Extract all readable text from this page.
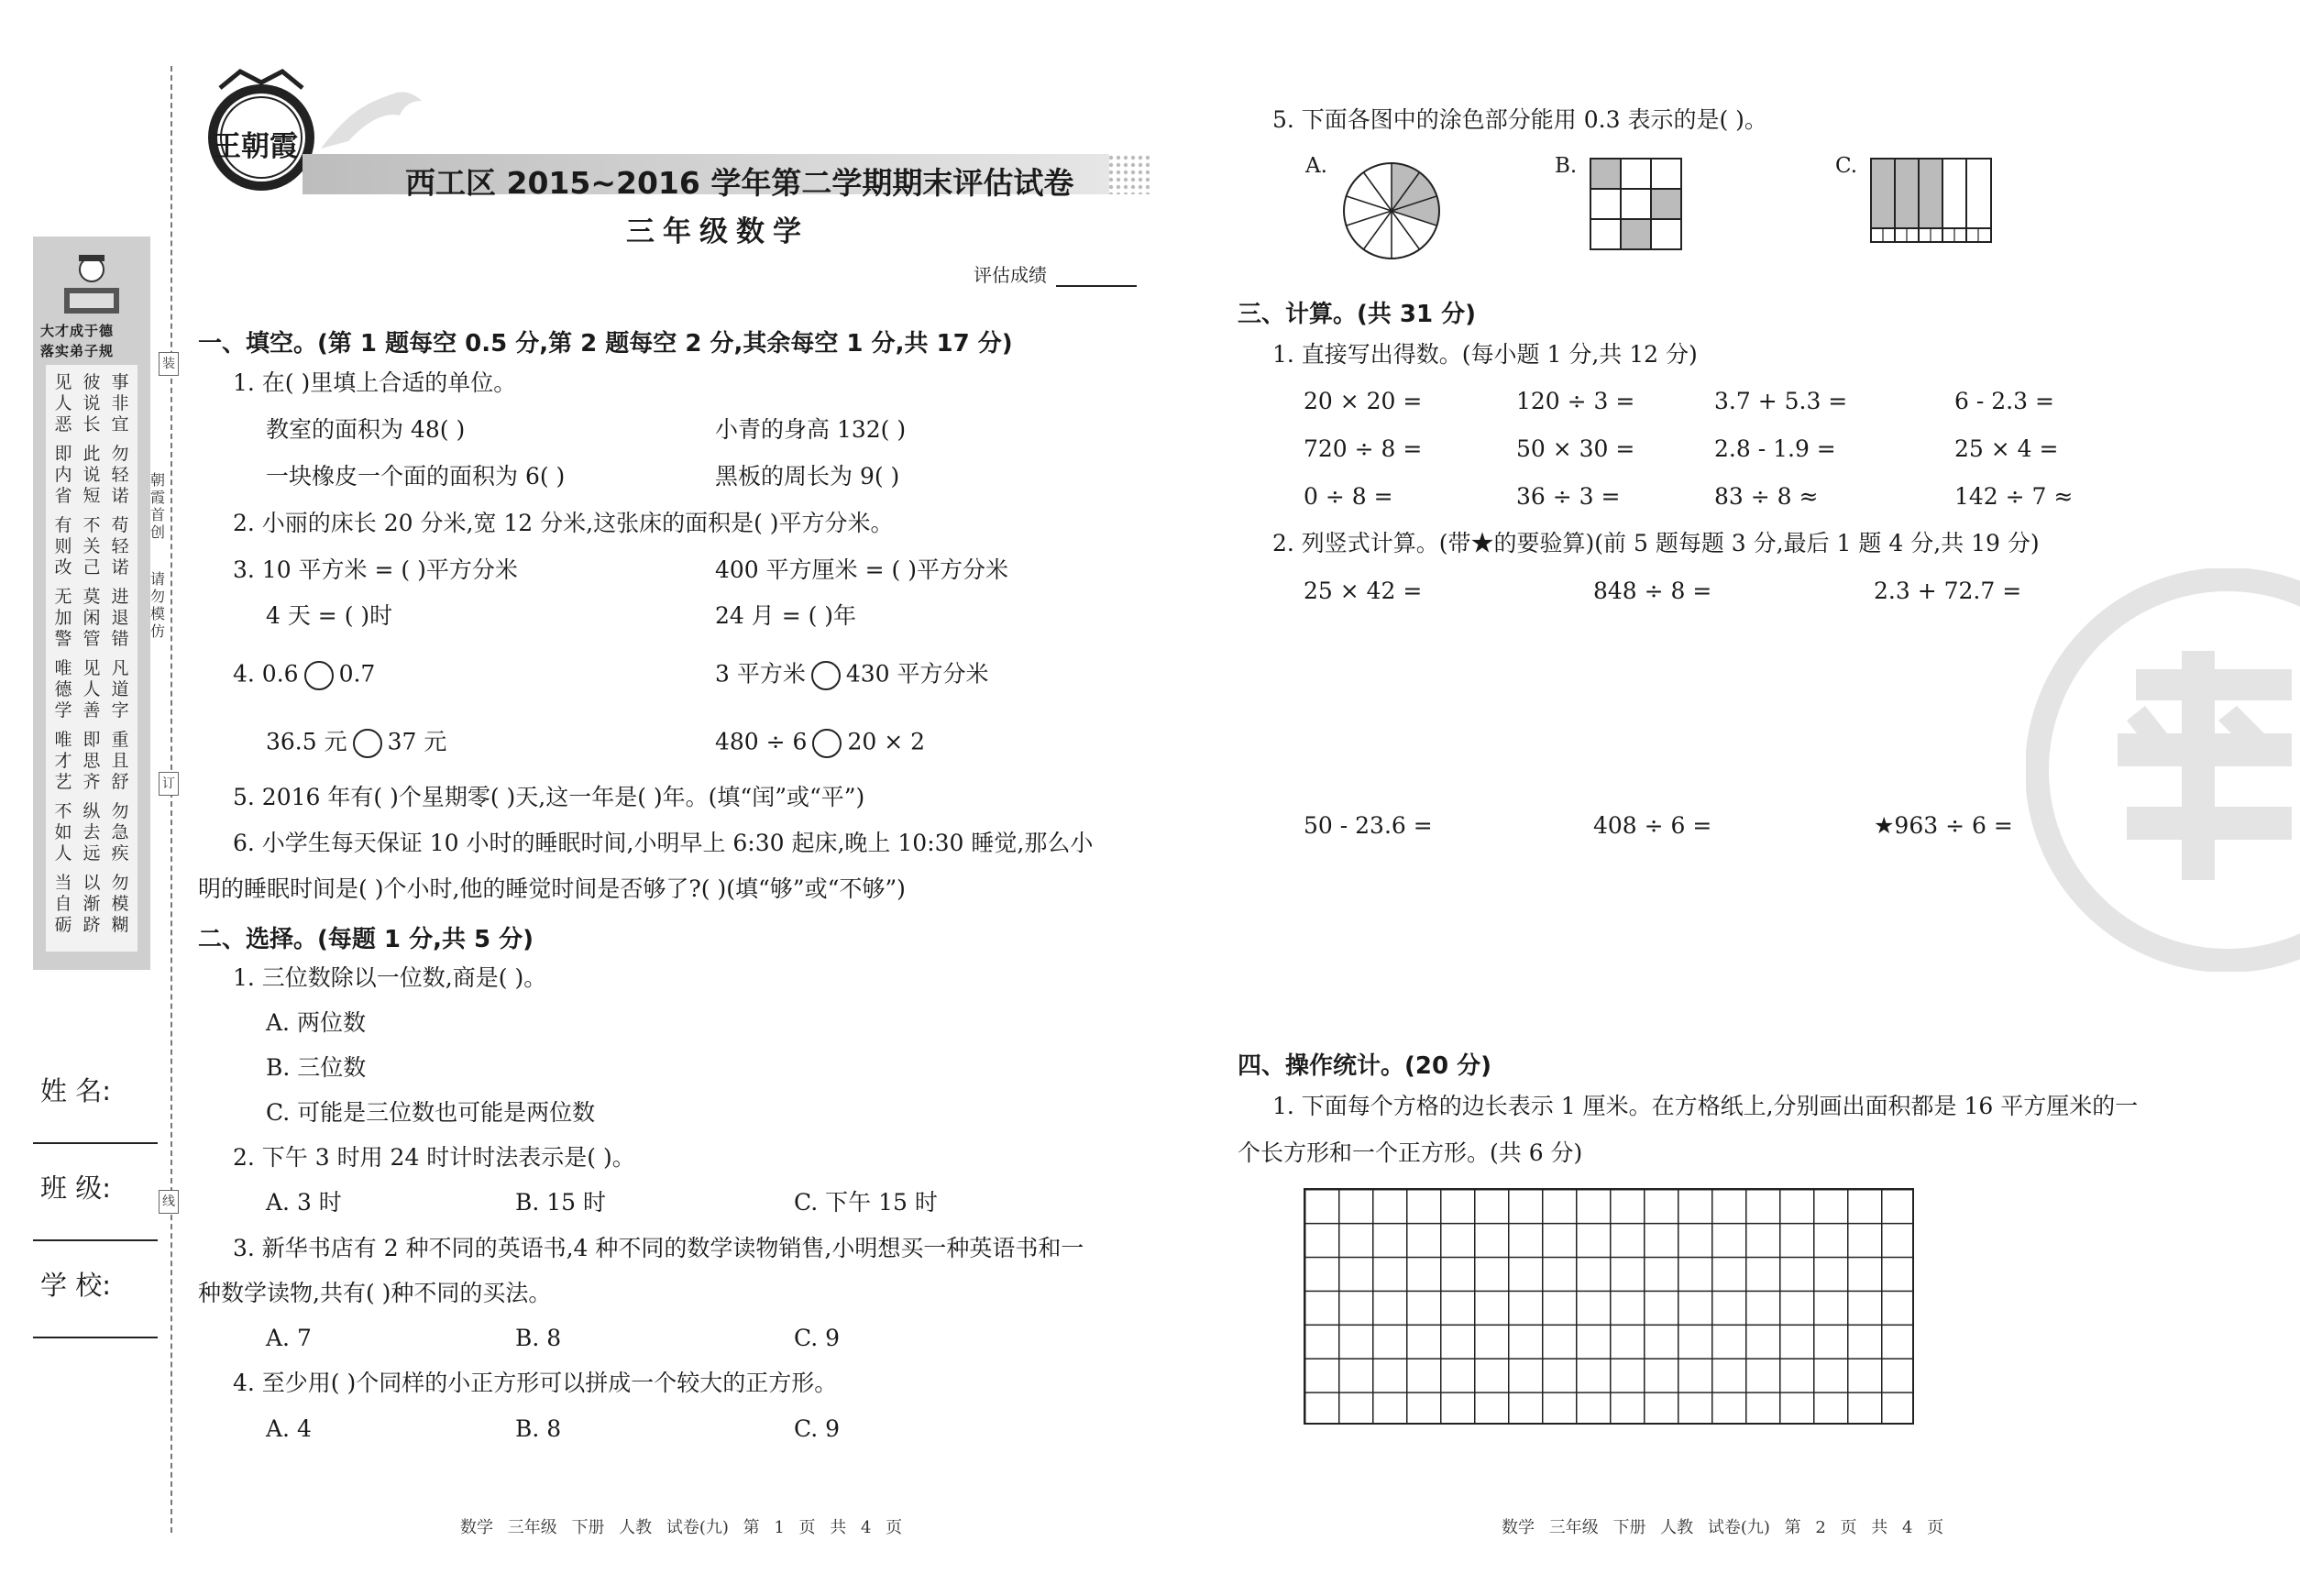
大才成于德
落实弟子规
见人恶
彼说长
事非宜
即内省
此说短
勿轻诺
有则改
不关己
苟轻诺
无加警
莫闲管
进退错
唯德学
见人善
凡道字
唯才艺
即思齐
重且舒
不如人
纵去远
勿急疾
当自砺
以渐跻
勿模糊
装
订
线
朝霞首创
请勿模仿
姓 名:
班 级:
学 校:
王朝霞
西工区 2015~2016 学年第二学期期末评估试卷
三年级数学
评估成绩
一、填空。(第 1 题每空 0.5 分,第 2 题每空 2 分,其余每空 1 分,共 17 分)
1. 在( )里填上合适的单位。
教室的面积为 48( )	小青的身高 132( )
一块橡皮一个面的面积为 6( )	黑板的周长为 9( )
2. 小丽的床长 20 分米,宽 12 分米,这张床的面积是( )平方分米。
3. 10 平方米 = ( )平方分米	400 平方厘米 = ( )平方分米
4 天 = ( )时	24 月 = ( )年
4. 0.6 0.7	3 平方米 430 平方分米
36.5 元 37 元	480 ÷ 6 20 × 2
5. 2016 年有( )个星期零( )天,这一年是( )年。(填“闰”或“平”)
6. 小学生每天保证 10 小时的睡眠时间,小明早上 6:30 起床,晚上 10:30 睡觉,那么小
明的睡眠时间是( )个小时,他的睡觉时间是否够了?( )(填“够”或“不够”)
二、选择。(每题 1 分,共 5 分)
1. 三位数除以一位数,商是( )。
A. 两位数
B. 三位数
C. 可能是三位数也可能是两位数
2. 下午 3 时用 24 时计时法表示是( )。
A. 3 时	B. 15 时	C. 下午 15 时
3. 新华书店有 2 种不同的英语书,4 种不同的数学读物销售,小明想买一种英语书和一
种数学读物,共有( )种不同的买法。
A. 7	B. 8	C. 9
4. 至少用( )个同样的小正方形可以拼成一个较大的正方形。
A. 4	B. 8	C. 9
数学 三年级 下册 人教 试卷(九) 第 1 页 共 4 页
5. 下面各图中的涂色部分能用 0.3 表示的是( )。
A.	B.	C.
三、计算。(共 31 分)
1. 直接写出得数。(每小题 1 分,共 12 分)
20 × 20 =	120 ÷ 3 =	3.7 + 5.3 =	6 - 2.3 =
720 ÷ 8 =	50 × 30 =	2.8 - 1.9 =	25 × 4 =
0 ÷ 8 =	36 ÷ 3 =	83 ÷ 8 ≈	142 ÷ 7 ≈
2. 列竖式计算。(带★的要验算)(前 5 题每题 3 分,最后 1 题 4 分,共 19 分)
25 × 42 =	848 ÷ 8 =	2.3 + 72.7 =
50 - 23.6 =	408 ÷ 6 =	★963 ÷ 6 =
四、操作统计。(20 分)
1. 下面每个方格的边长表示 1 厘米。在方格纸上,分别画出面积都是 16 平方厘米的一
个长方形和一个正方形。(共 6 分)
数学 三年级 下册 人教 试卷(九) 第 2 页 共 4 页
